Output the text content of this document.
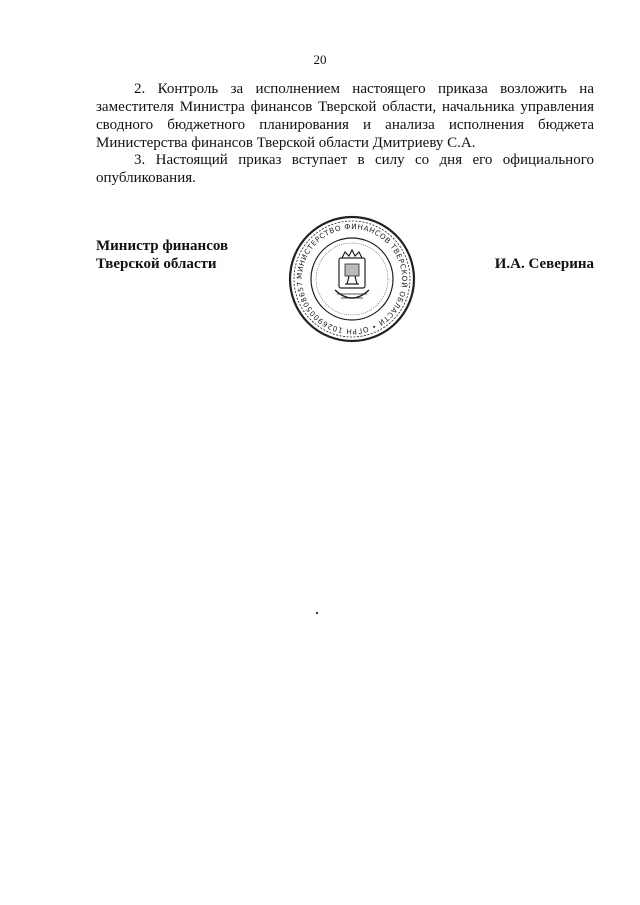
20

2. Контроль за исполнением настоящего приказа возложить на заместителя Министра финансов Тверской области, начальника управления сводного бюджетного планирования и анализа исполнения бюджета Министерства финансов Тверской области Дмитриеву С.А.

3. Настоящий приказ вступает в силу со дня его официального опубликования.

Министр финансов
Тверской области
МИНИСТЕРСТВО ФИНАНСОВ ТВЕРСКОЙ ОБЛАСТИ • ОГРН 1026900508657
И.А. Северина
